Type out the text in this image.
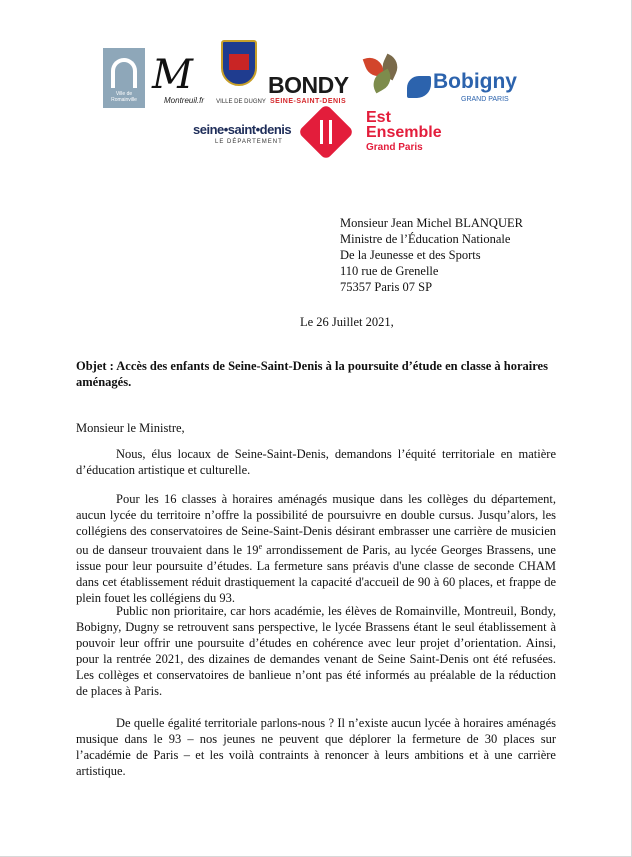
Ville de Romainville
M
Montreuil.fr	VILLE DE DUGNY
BONDY
SEINE-SAINT-DENIS
Bobigny
GRAND PARIS
seine•saint•denis
LE DÉPARTEMENT
Est
Ensemble
Grand Paris
Monsieur Jean Michel BLANQUER
Ministre de l’Éducation Nationale
De la Jeunesse et des Sports
110 rue de Grenelle
75357 Paris 07 SP
Le 26 Juillet 2021,
Objet : Accès des enfants de Seine-Saint-Denis à la poursuite d’étude en classe à horaires aménagés.
Monsieur le Ministre,
Nous, élus locaux de Seine-Saint-Denis, demandons l’équité territoriale en matière d’éducation artistique et culturelle.
Pour les 16 classes à horaires aménagés musique dans les collèges du département, aucun lycée du territoire n’offre la possibilité de poursuivre en double cursus. Jusqu’alors, les collégiens des conservatoires de Seine-Saint-Denis désirant embrasser une carrière de musicien ou de danseur trouvaient dans le 19e arrondissement de Paris, au lycée Georges Brassens, une issue pour leur poursuite d’études. La fermeture sans préavis d'une classe de seconde CHAM dans cet établissement réduit drastiquement la capacité d'accueil de 90 à 60 places, et frappe de plein fouet les collégiens du 93.
Public non prioritaire, car hors académie, les élèves de Romainville, Montreuil, Bondy, Bobigny, Dugny se retrouvent sans perspective, le lycée Brassens étant le seul établissement à pouvoir leur offrir une poursuite d’études en cohérence avec leur projet d’orientation. Ainsi, pour la rentrée 2021, des dizaines de demandes venant de Seine Saint-Denis ont été refusées. Les collèges et conservatoires de banlieue n’ont pas été informés au préalable de la réduction de places à Paris.
De quelle égalité territoriale parlons-nous ? Il n’existe aucun lycée à horaires aménagés musique dans le 93 – nos jeunes ne peuvent que déplorer la fermeture de 30 places sur l’académie de Paris – et les voilà contraints à renoncer à leurs ambitions et à une carrière artistique.
